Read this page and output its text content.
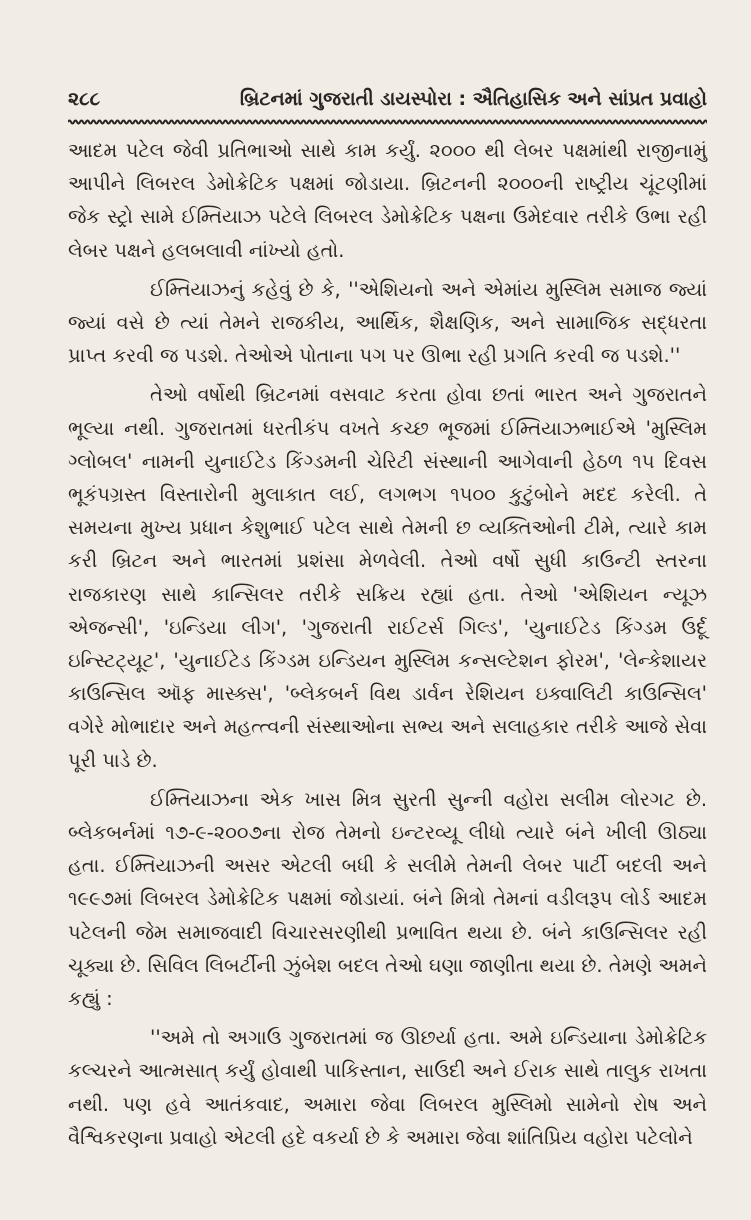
૨૮૮	બ્રિટનમાં ગુજરાતી ડાયસ્પોરા : ઐતિહાસિક અને સાંપ્રત પ્રવાહો

આદમ પટેલ જેવી પ્રતિભાઓ સાથે કામ કર્યું. ૨૦૦૦ થી લેબર પક્ષમાંથી રાજીનામું આપીને લિબરલ ડેમોક્રેટિક પક્ષમાં જોડાયા. બ્રિટનની ૨૦૦૦ની રાષ્ટ્રીય ચૂંટણીમાં જેક સ્ટ્રો સામે ઈમ્તિયાઝ પટેલે લિબરલ ડેમોક્રેટિક પક્ષના ઉમેદવાર તરીકે ઉભા રહી લેબર પક્ષને હલબલાવી નાંખ્યો હતો.

ઈમ્તિયાઝનું કહેવું છે કે, ''એશિયનો અને એમાંય મુસ્લિમ સમાજ જ્યાં જ્યાં વસે છે ત્યાં તેમને રાજકીય, આર્થિક, શૈક્ષણિક, અને સામાજિક સદ્ધરતા પ્રાપ્ત કરવી જ પડશે. તેઓએ પોતાના પગ પર ઊભા રહી પ્રગતિ કરવી જ પડશે.''

તેઓ વર્ષોથી બ્રિટનમાં વસવાટ કરતા હોવા છતાં ભારત અને ગુજરાતને ભૂલ્યા નથી. ગુજરાતમાં ધરતીકંપ વખતે કચ્છ ભૂજમાં ઈમ્તિયાઝભાઈએ 'મુસ્લિમ ગ્લોબલ' નામની યુનાઈટેડ કિંગ્ડમની ચેરિટી સંસ્થાની આગેવાની હેઠળ ૧૫ દિવસ ભૂકંપગ્રસ્ત વિસ્તારોની મુલાકાત લઈ, લગભગ ૧૫૦૦ કુટુંબોને મદદ કરેલી. તે સમયના મુખ્ય પ્રધાન કેશુભાઈ પટેલ સાથે તેમની છ વ્યક્તિઓની ટીમે, ત્યારે કામ કરી બ્રિટન અને ભારતમાં પ્રશંસા મેળવેલી. તેઓ વર્ષો સુધી કાઉન્ટી સ્તરના રાજકારણ સાથે કાન્સિલર તરીકે સક્રિય રહ્યાં હતા. તેઓ 'એશિયન ન્યૂઝ એજન્સી', 'ઇન્ડિયા લીગ', 'ગુજરાતી રાઈટર્સ ગિલ્ડ', 'યુનાઈટેડ કિંગ્ડમ ઉર્દૂ ઇન્સ્ટિટ્યૂટ', 'યુનાઈટેડ કિંગ્ડમ ઇન્ડિયન મુસ્લિમ કન્સલ્ટેશન ફોરમ', 'લેન્કેશાયર કાઉન્સિલ ઑફ માસ્ક્સ', 'બ્લેકબર્ન વિથ ડાર્વન રેશિયન ઇક્વાલિટી કાઉન્સિલ' વગેરે મોભાદાર અને મહત્ત્વની સંસ્થાઓના સભ્ય અને સલાહકાર તરીકે આજે સેવા પૂરી પાડે છે.

ઈમ્તિયાઝના એક ખાસ મિત્ર સુરતી સુન્ની વહોરા સલીમ લોરગટ છે. બ્લેકબર્નમાં ૧૭-૯-૨૦૦૭ના રોજ તેમનો ઇન્ટરવ્યૂ લીધો ત્યારે બંને ખીલી ઊઠ્યા હતા. ઈમ્તિયાઝની અસર એટલી બધી કે સલીમે તેમની લેબર પાર્ટી બદલી અને ૧૯૯૭માં લિબરલ ડેમોક્રેટિક પક્ષમાં જોડાયાં. બંને મિત્રો તેમનાં વડીલરૂપ લોર્ડ આદમ પટેલની જેમ સમાજવાદી વિચારસરણીથી પ્રભાવિત થયા છે. બંને કાઉન્સિલર રહી ચૂક્યા છે. સિવિલ લિબર્ટીની ઝુંબેશ બદલ તેઓ ઘણા જાણીતા થયા છે. તેમણે અમને કહ્યું :

''અમે તો અગાઉ ગુજરાતમાં જ ઊછર્યા હતા. અમે ઇન્ડિયાના ડેમોક્રેટિક કલ્ચરને આત્મસાત્ કર્યું હોવાથી પાકિસ્તાન, સાઉદી અને ઈરાક સાથે તાલુક રાખતા નથી. પણ હવે આતંકવાદ, અમારા જેવા લિબરલ મુસ્લિમો સામેનો રોષ અને વૈશ્વિકરણના પ્રવાહો એટલી હદે વકર્યા છે કે અમારા જેવા શાંતિપ્રિય વહોરા પટેલોને
